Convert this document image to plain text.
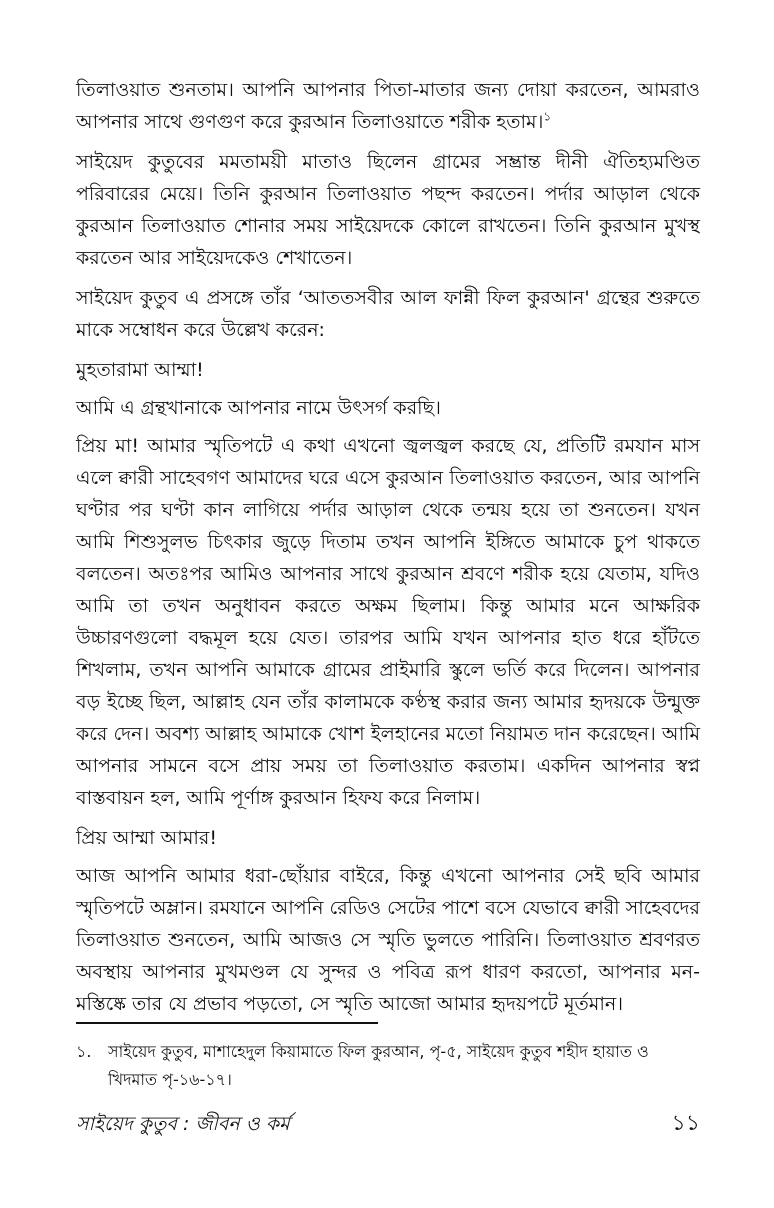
তিলাওয়াত শুনতাম। আপনি আপনার পিতা-মাতার জন্য দোয়া করতেন, আমরাও আপনার সাথে গুণগুণ করে কুরআন তিলাওয়াতে শরীক হতাম।$^১$

সাইয়েদ কুতুবের মমতাময়ী মাতাও ছিলেন গ্রামের সম্ভ্রান্ত দীনী ঐতিহ্যমণ্ডিত পরিবারের মেয়ে। তিনি কুরআন তিলাওয়াত পছন্দ করতেন। পর্দার আড়াল থেকে কুরআন তিলাওয়াত শোনার সময় সাইয়েদকে কোলে রাখতেন। তিনি কুরআন মুখস্থ করতেন আর সাইয়েদকেও শেখাতেন।

সাইয়েদ কুতুব এ প্রসঙ্গে তাঁর ‘আততসবীর আল ফান্নী ফিল কুরআন' গ্রন্থের শুরুতে মাকে সম্বোধন করে উল্লেখ করেন:

মুহতারামা আম্মা!

আমি এ গ্রন্থখানাকে আপনার নামে উৎসর্গ করছি।

প্রিয় মা! আমার স্মৃতিপটে এ কথা এখনো জ্বলজ্বল করছে যে, প্রতিটি রমযান মাস এলে ক্বারী সাহেবগণ আমাদের ঘরে এসে কুরআন তিলাওয়াত করতেন, আর আপনি ঘণ্টার পর ঘণ্টা কান লাগিয়ে পর্দার আড়াল থেকে তন্ময় হয়ে তা শুনতেন। যখন আমি শিশুসুলভ চিৎকার জুড়ে দিতাম তখন আপনি ইঙ্গিতে আমাকে চুপ থাকতে বলতেন। অতঃপর আমিও আপনার সাথে কুরআন শ্রবণে শরীক হয়ে যেতাম, যদিও আমি তা তখন অনুধাবন করতে অক্ষম ছিলাম। কিন্তু আমার মনে আক্ষরিক উচ্চারণগুলো বদ্ধমূল হয়ে যেত। তারপর আমি যখন আপনার হাত ধরে হাঁটতে শিখলাম, তখন আপনি আমাকে গ্রামের প্রাইমারি স্কুলে ভর্তি করে দিলেন। আপনার বড় ইচ্ছে ছিল, আল্লাহ যেন তাঁর কালামকে কণ্ঠস্থ করার জন্য আমার হৃদয়কে উন্মুক্ত করে দেন। অবশ্য আল্লাহ আমাকে খোশ ইলহানের মতো নিয়ামত দান করেছেন। আমি আপনার সামনে বসে প্রায় সময় তা তিলাওয়াত করতাম। একদিন আপনার স্বপ্ন বাস্তবায়ন হল, আমি পূর্ণাঙ্গ কুরআন হিফয করে নিলাম।

প্রিয় আম্মা আমার!

আজ আপনি আমার ধরা-ছোঁয়ার বাইরে, কিন্তু এখনো আপনার সেই ছবি আমার স্মৃতিপটে অম্লান। রমযানে আপনি রেডিও সেটের পাশে বসে যেভাবে ক্বারী সাহেবদের তিলাওয়াত শুনতেন, আমি আজও সে স্মৃতি ভুলতে পারিনি। তিলাওয়াত শ্রবণরত অবস্থায় আপনার মুখমণ্ডল যে সুন্দর ও পবিত্র রূপ ধারণ করতো, আপনার মন-মস্তিষ্কে তার যে প্রভাব পড়তো, সে স্মৃতি আজো আমার হৃদয়পটে মূর্তমান।

১.	সাইয়েদ কুতুব, মাশাহেদুল কিয়ামাতে ফিল কুরআন, পৃ-৫, সাইয়েদ কুতুব শহীদ হায়াত ও খিদমাত পৃ-১৬-১৭।
সাইয়েদ কুতুব : জীবন ও কর্ম	১১
